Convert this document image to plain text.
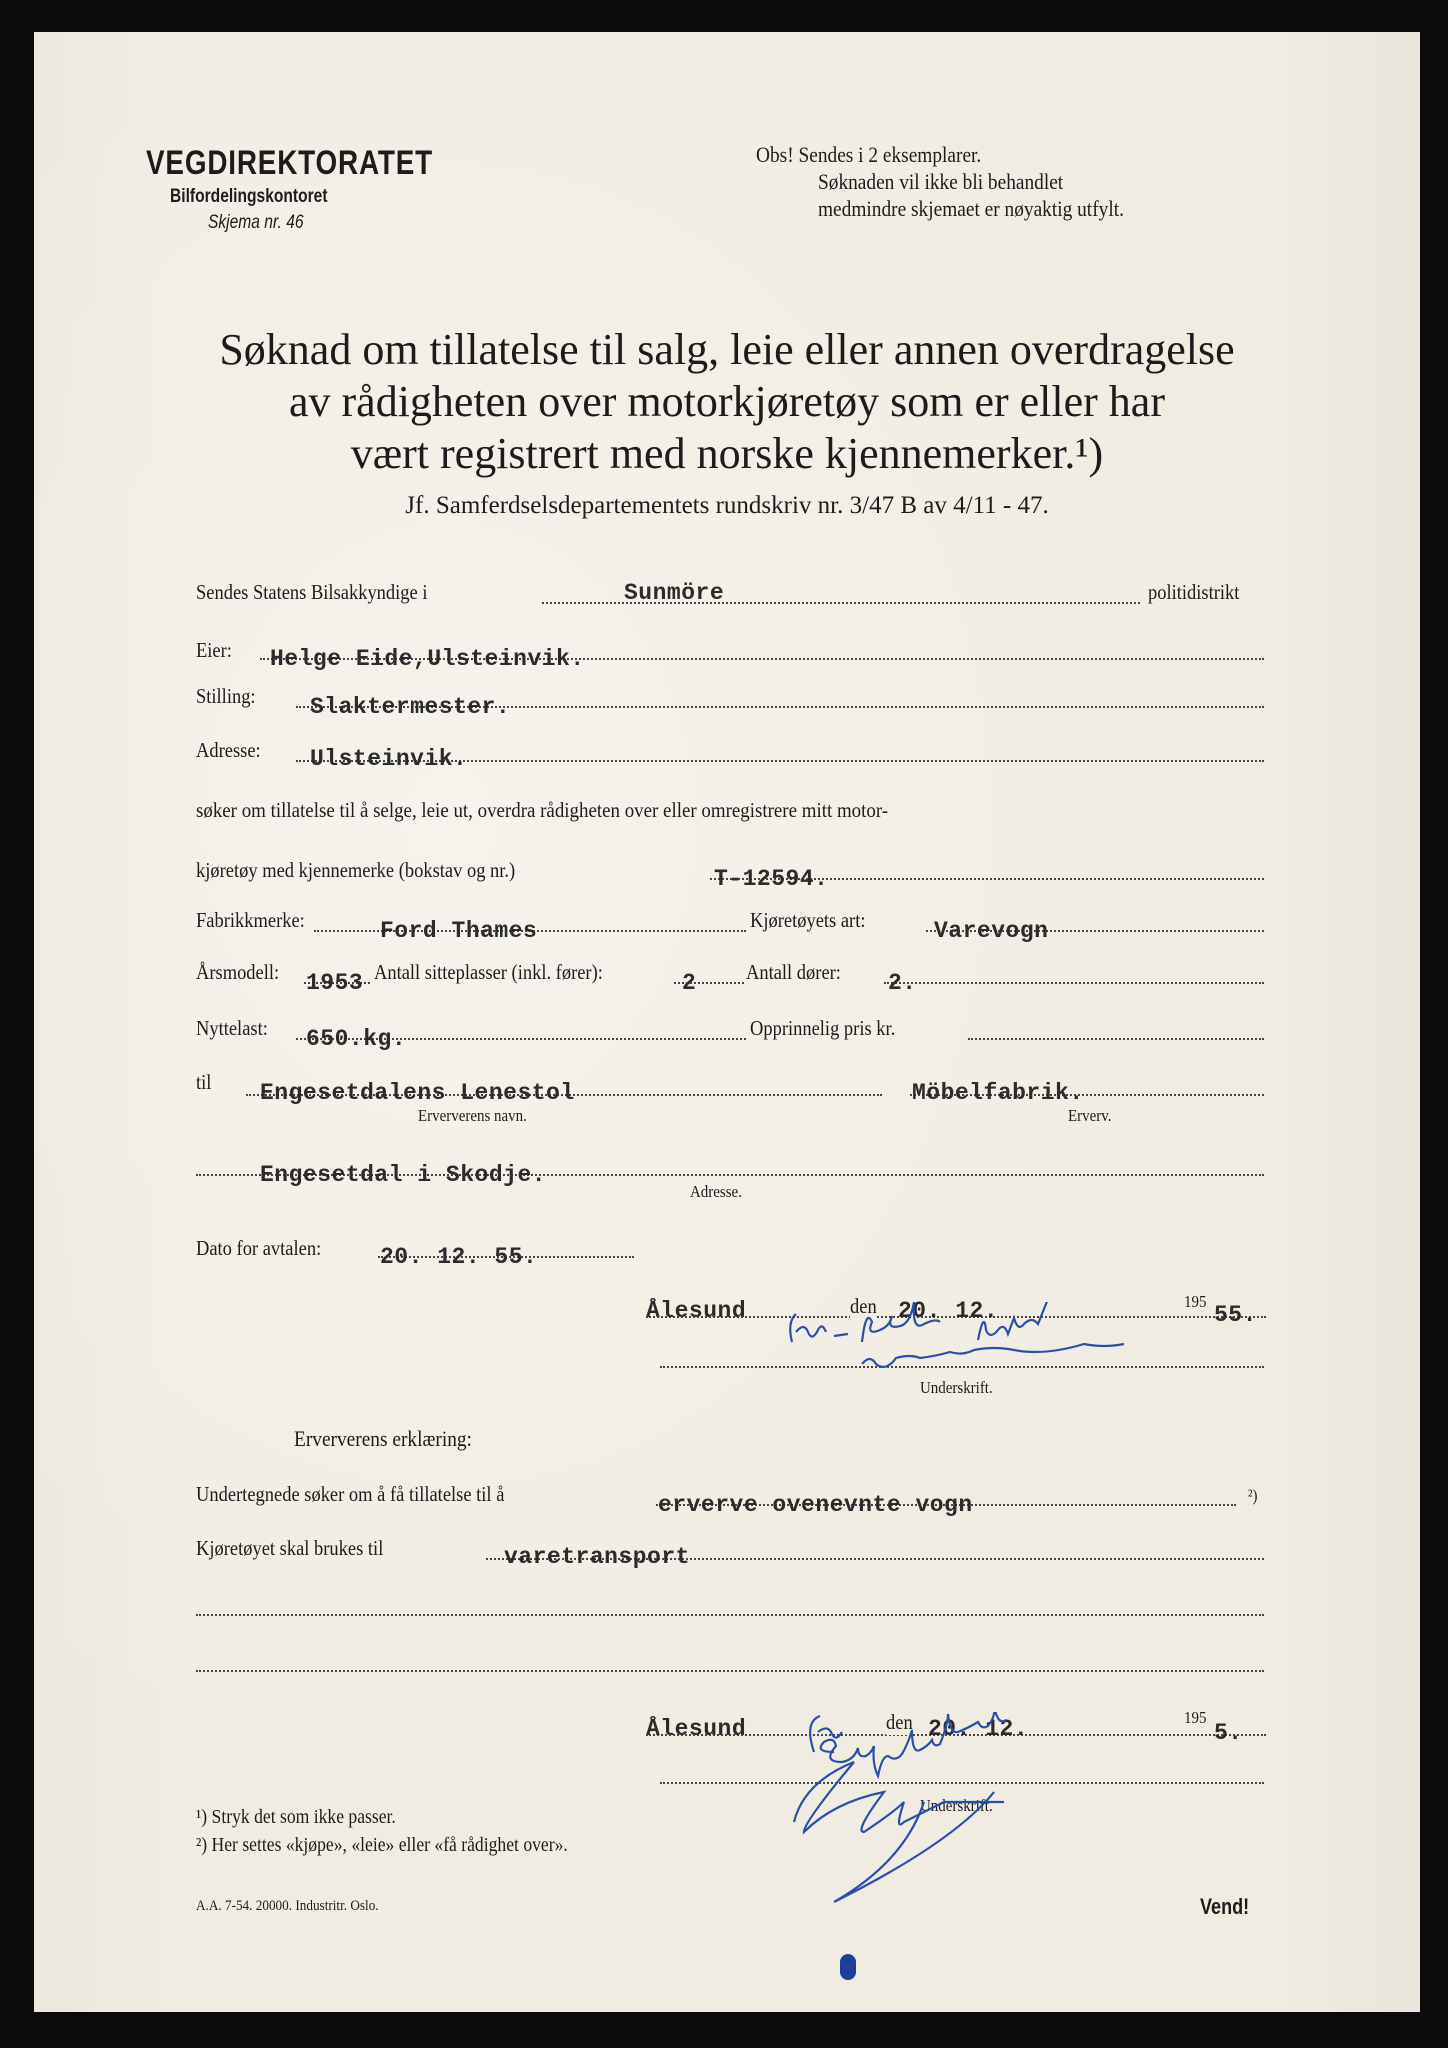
VEGDIREKTORATET
Bilfordelingskontoret
Skjema nr. 46
Obs! Sendes i 2 eksemplarer.
Søknaden vil ikke bli behandlet
medmindre skjemaet er nøyaktig utfylt.
Søknad om tillatelse til salg, leie eller annen overdragelse
av rådigheten over motorkjøretøy som er eller har
vært registrert med norske kjennemerker.¹)
Jf. Samferdselsdepartementets rundskriv nr. 3/47 B av 4/11 - 47.
Sendes Statens Bilsakkyndige i	Sunmöre	politidistrikt
Eier: Helge Eide,Ulsteinvik.
Stilling: Slaktermester.
Adresse: Ulsteinvik.
søker om tillatelse til å selge, leie ut, overdra rådigheten over eller omregistrere mitt motor-
kjøretøy med kjennemerke (bokstav og nr.)	T-12594.
Fabrikkmerke:	Ford Thames	Kjøretøyets art:	Varevogn
Årsmodell: 1953 Antall sitteplasser (inkl. fører):	2 Antall dører: 2.
Nyttelast: 650.kg.	Opprinnelig pris kr.
til Engesetdalens Lenestol
Erververens navn.
Möbelfabrik.
Erverv.
Engesetdal i Skodje.
Adresse.
Dato for avtalen:	20. 12. 55.
Ålesund	den 20. 12.	195
55.
Underskrift.
Erververens erklæring:
Undertegnede søker om å få tillatelse til å	erverve ovenevnte vogn	²)
Kjøretøyet skal brukes til	varetransport
Ålesund	den 20. 12.	195
5.
Underskrift.
¹) Stryk det som ikke passer.
²) Her settes «kjøpe», «leie» eller «få rådighet over».
A.A. 7-54. 20000. Industritr. Oslo.	Vend!
